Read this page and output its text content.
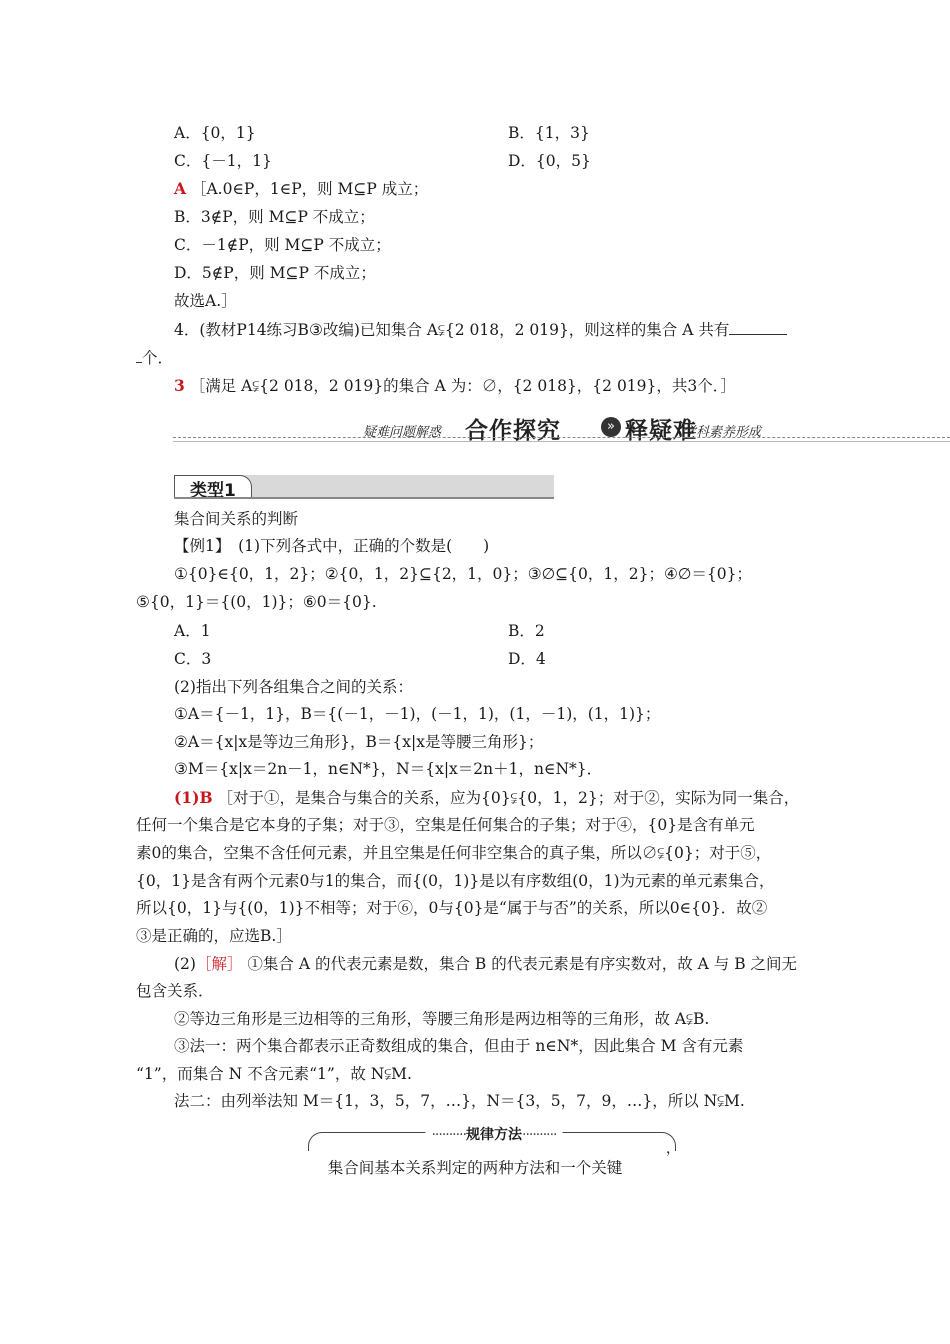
A．{0，1}	B．{1，3}
C．{－1，1}	D．{0，5}
A ［A.0∈P，1∈P，则 M⊆P 成立；
B．3∉P，则 M⊆P 不成立；
C．－1∉P，则 M⊆P 不成立；
D．5∉P，则 M⊆P 不成立；
故选A.］
4．(教材P14练习B③改编)已知集合 A⫋{2 018，2 019}，则这样的集合 A 共有
个．
3 ［满足 A⫋{2 018，2 019}的集合 A 为：∅，{2 018}，{2 019}，共3个．］
疑难问题解惑 合作探究	» 释疑难
学科素养形成
类型1
集合间关系的判断
【例1】　(1)下列各式中，正确的个数是(　　)
①{0}∈{0，1，2}；②{0，1，2}⊆{2，1，0}；③∅⊆{0，1，2}；④∅＝{0}；
⑤{0，1}＝{(0，1)}；⑥0＝{0}.
A．1	B．2
C．3	D．4
(2)指出下列各组集合之间的关系：
①A＝{－1，1}，B＝{(－1，－1)，(－1，1)，(1，－1)，(1，1)}；
②A＝{x|x是等边三角形}，B＝{x|x是等腰三角形}；
③M＝{x|x＝2n－1，n∈N*}，N＝{x|x＝2n＋1，n∈N*}．
(1)B ［对于①，是集合与集合的关系，应为{0}⫋{0，1，2}；对于②，实际为同一集合，
任何一个集合是它本身的子集；对于③，空集是任何集合的子集；对于④，{0}是含有单元
素0的集合，空集不含任何元素，并且空集是任何非空集合的真子集，所以∅⫋{0}；对于⑤，
{0，1}是含有两个元素0与1的集合，而{(0，1)}是以有序数组(0，1)为元素的单元素集合，
所以{0，1}与{(0，1)}不相等；对于⑥，0与{0}是“属于与否”的关系，所以0∈{0}．故②
③是正确的，应选B.］
(2)［解］ ①集合 A 的代表元素是数，集合 B 的代表元素是有序实数对，故 A 与 B 之间无
包含关系．
②等边三角形是三边相等的三角形，等腰三角形是两边相等的三角形，故 A⫋B.
③法一：两个集合都表示正奇数组成的集合，但由于 n∈N*，因此集合 M 含有元素
“1”，而集合 N 不含元素“1”，故 N⫋M.
法二：由列举法知 M＝{1，3，5，7，…}，N＝{3，5，7，9，…}，所以 N⫋M.
··········规律方法··········
，
集合间基本关系判定的两种方法和一个关键
